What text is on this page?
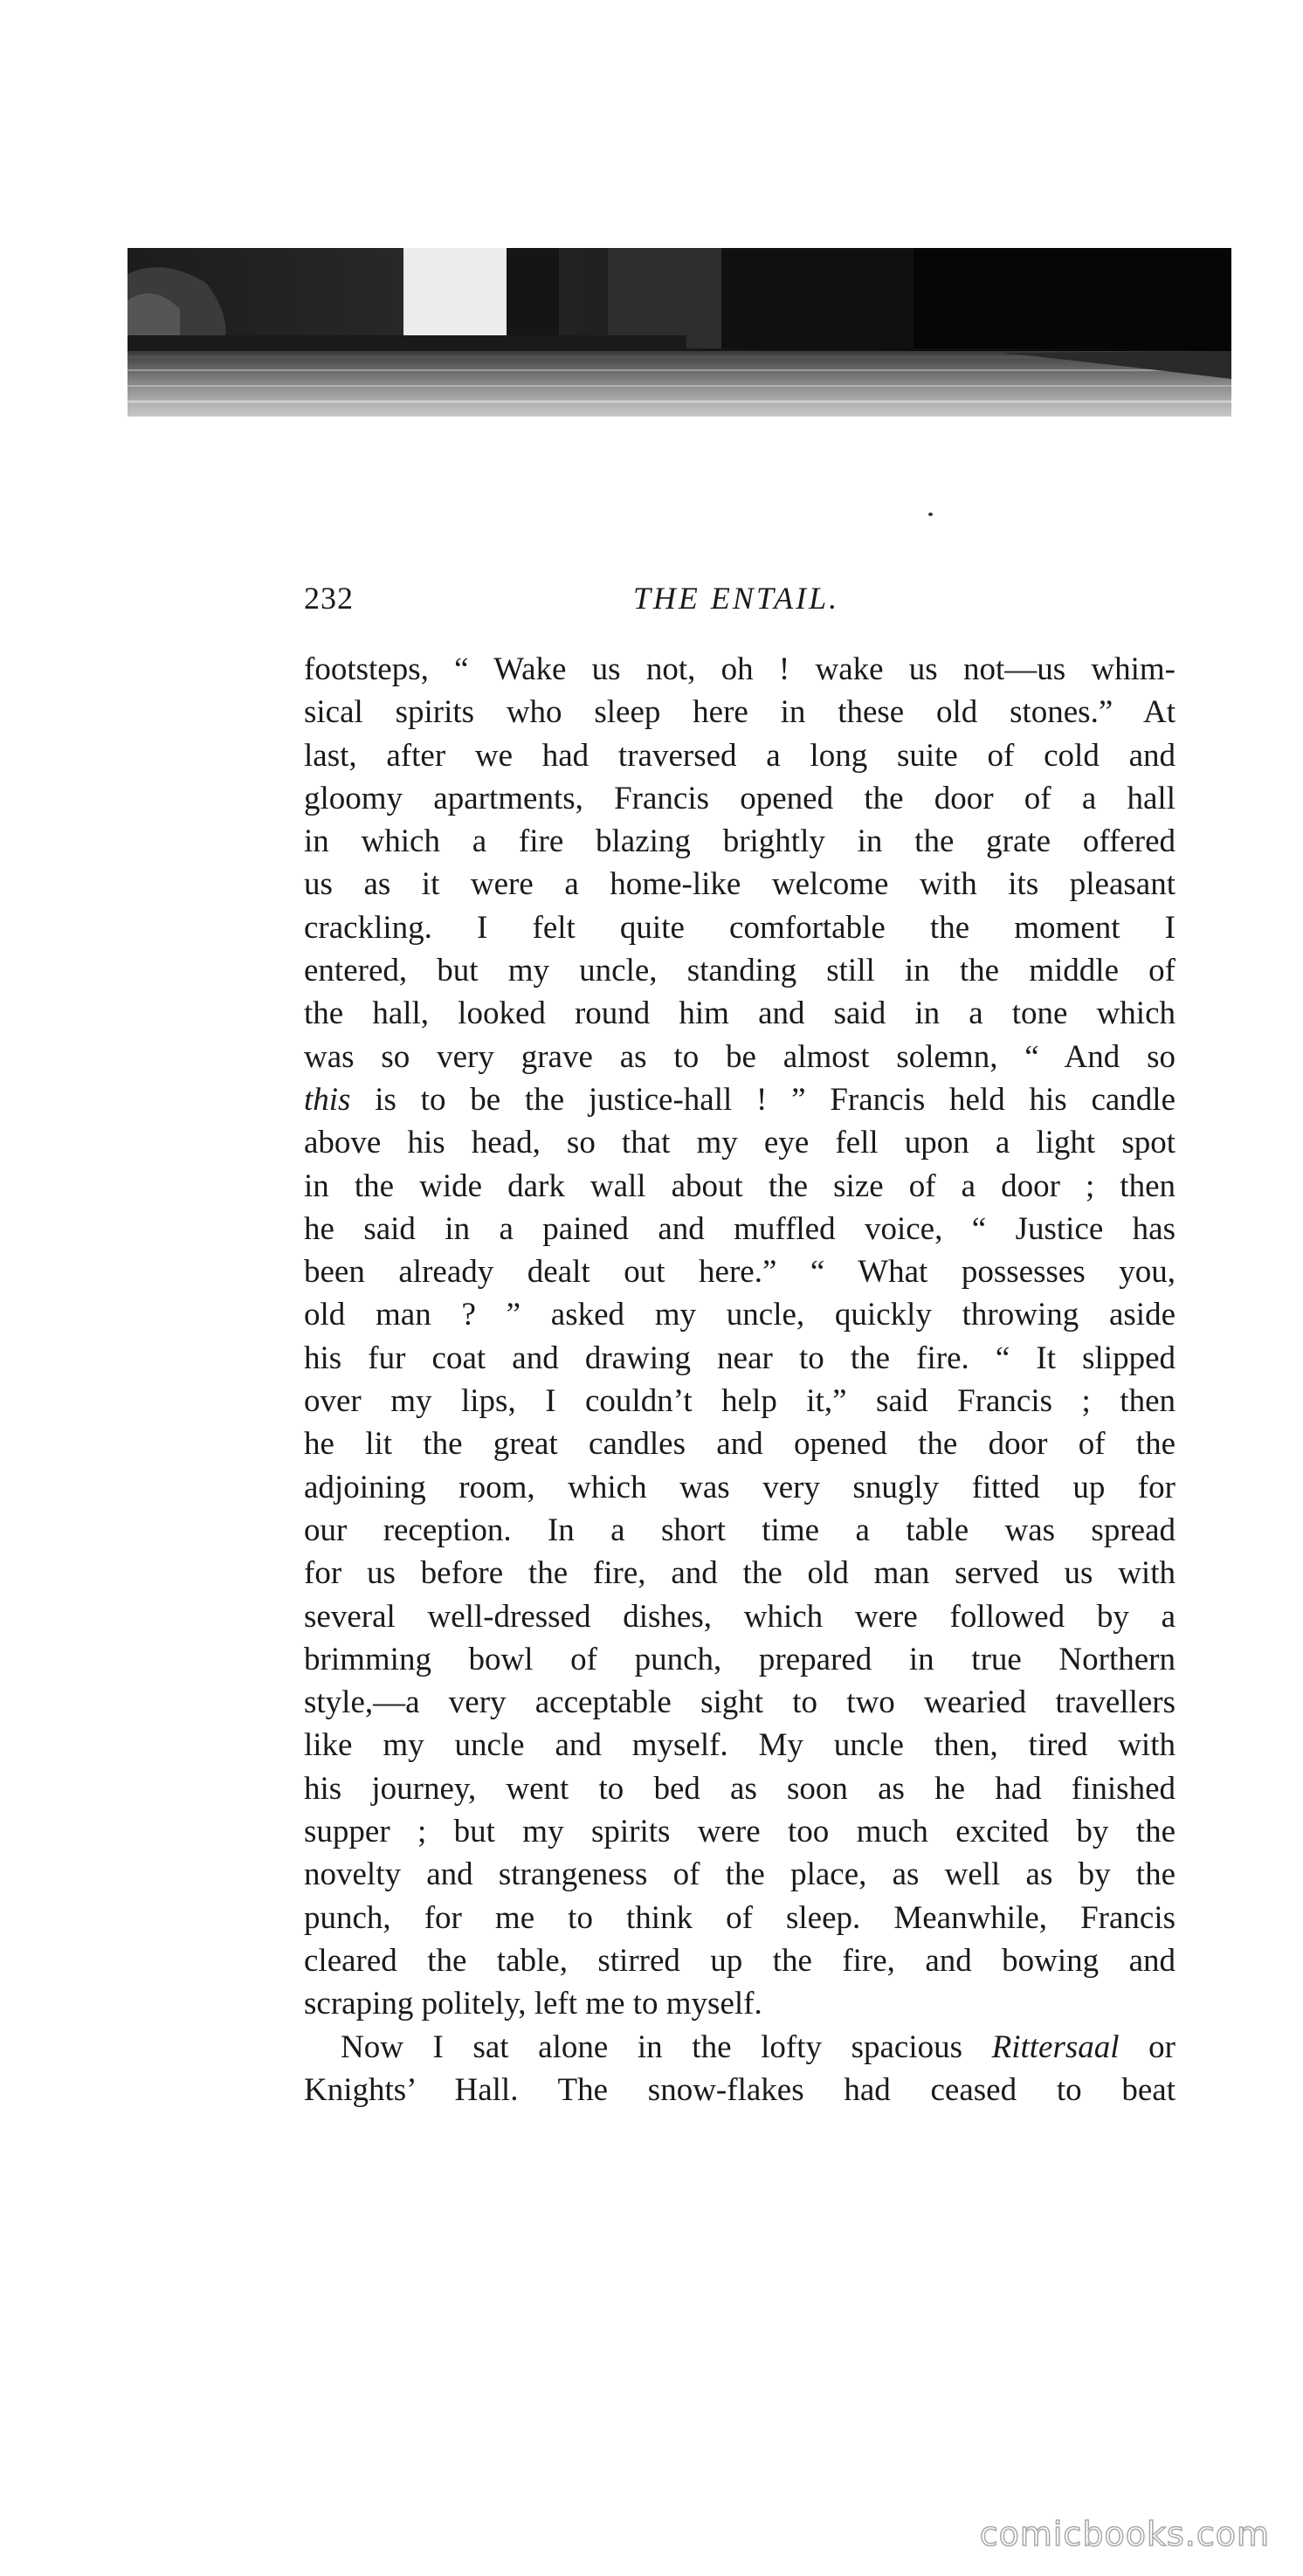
232	THE ENTAIL.
footsteps, “ Wake us not, oh ! wake us not—us whim-
sical spirits who sleep here in these old stones.” At
last, after we had traversed a long suite of cold and
gloomy apartments, Francis opened the door of a hall
in which a fire blazing brightly in the grate offered
us as it were a home-like welcome with its pleasant
crackling. I felt quite comfortable the moment I
entered, but my uncle, standing still in the middle of
the hall, looked round him and said in a tone which
was so very grave as to be almost solemn, “ And so
this is to be the justice-hall ! ” Francis held his candle
above his head, so that my eye fell upon a light spot
in the wide dark wall about the size of a door ; then
he said in a pained and muffled voice, “ Justice has
been already dealt out here.” “ What possesses you,
old man ? ” asked my uncle, quickly throwing aside
his fur coat and drawing near to the fire. “ It slipped
over my lips, I couldn’t help it,” said Francis ; then
he lit the great candles and opened the door of the
adjoining room, which was very snugly fitted up for
our reception. In a short time a table was spread
for us before the fire, and the old man served us with
several well-dressed dishes, which were followed by a
brimming bowl of punch, prepared in true Northern
style,—a very acceptable sight to two wearied travellers
like my uncle and myself. My uncle then, tired with
his journey, went to bed as soon as he had finished
supper ; but my spirits were too much excited by the
novelty and strangeness of the place, as well as by the
punch, for me to think of sleep. Meanwhile, Francis
cleared the table, stirred up the fire, and bowing and
scraping politely, left me to myself.
Now I sat alone in the lofty spacious Rittersaal or
Knights’ Hall. The snow-flakes had ceased to beat
comicbooks.com
